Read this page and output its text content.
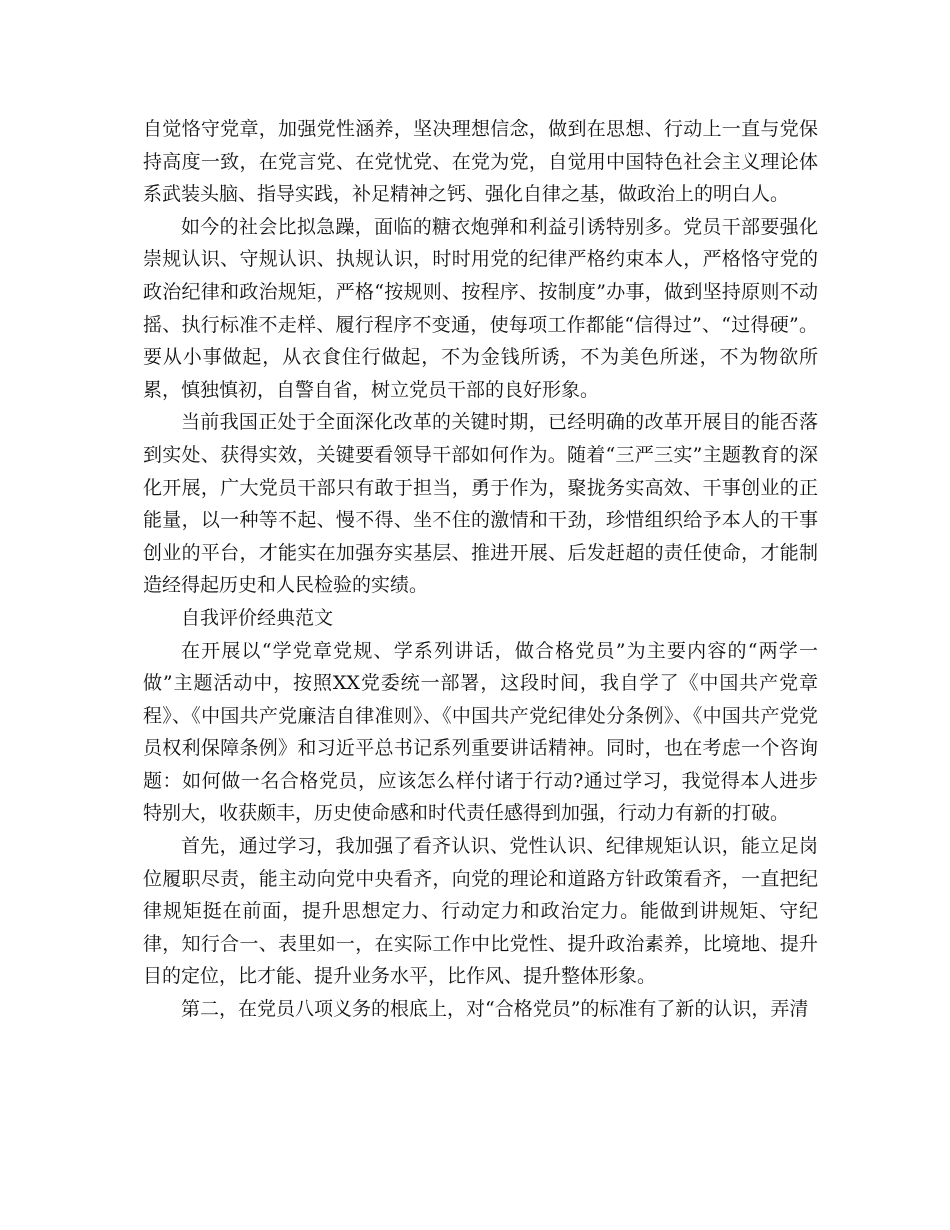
自觉恪守党章，加强党性涵养，坚决理想信念，做到在思想、行动上一直与党保持高度一致，在党言党、在党忧党、在党为党，自觉用中国特色社会主义理论体系武装头脑、指导实践，补足精神之钙、强化自律之基，做政治上的明白人。

如今的社会比拟急躁，面临的糖衣炮弹和利益引诱特别多。党员干部要强化崇规认识、守规认识、执规认识，时时用党的纪律严格约束本人，严格恪守党的政治纪律和政治规矩，严格“按规则、按程序、按制度”办事，做到坚持原则不动摇、执行标准不走样、履行程序不变通，使每项工作都能“信得过”、“过得硬”。要从小事做起，从衣食住行做起，不为金钱所诱，不为美色所迷，不为物欲所累，慎独慎初，自警自省，树立党员干部的良好形象。

当前我国正处于全面深化改革的关键时期，已经明确的改革开展目的能否落到实处、获得实效，关键要看领导干部如何作为。随着“三严三实”主题教育的深化开展，广大党员干部只有敢于担当，勇于作为，聚拢务实高效、干事创业的正能量，以一种等不起、慢不得、坐不住的激情和干劲，珍惜组织给予本人的干事创业的平台，才能实在加强夯实基层、推进开展、后发赶超的责任使命，才能制造经得起历史和人民检验的实绩。

自我评价经典范文

在开展以“学党章党规、学系列讲话，做合格党员”为主要内容的“两学一做”主题活动中，按照XX党委统一部署，这段时间，我自学了《中国共产党章程》、《中国共产党廉洁自律准则》、《中国共产党纪律处分条例》、《中国共产党党员权利保障条例》和习近平总书记系列重要讲话精神。同时，也在考虑一个咨询题：如何做一名合格党员，应该怎么样付诸于行动?通过学习，我觉得本人进步特别大，收获颇丰，历史使命感和时代责任感得到加强，行动力有新的打破。

首先，通过学习，我加强了看齐认识、党性认识、纪律规矩认识，能立足岗位履职尽责，能主动向党中央看齐，向党的理论和道路方针政策看齐，一直把纪律规矩挺在前面，提升思想定力、行动定力和政治定力。能做到讲规矩、守纪律，知行合一、表里如一，在实际工作中比党性、提升政治素养，比境地、提升目的定位，比才能、提升业务水平，比作风、提升整体形象。

第二，在党员八项义务的根底上，对“合格党员”的标准有了新的认识，弄清
